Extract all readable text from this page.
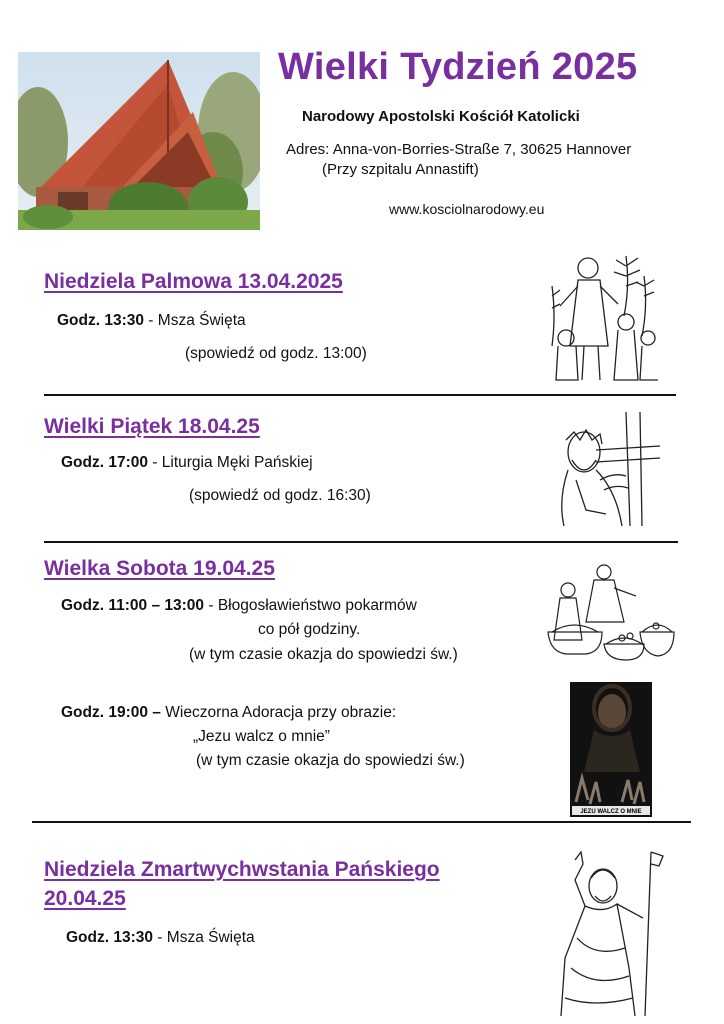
Wielki Tydzień 2025
Narodowy Apostolski Kościół Katolicki
Adres: Anna-von-Borries-Straße 7, 30625 Hannover
(Przy szpitalu Annastift)
www.kosciolnarodowy.eu
Niedziela Palmowa 13.04.2025
Godz. 13:30 - Msza Święta
(spowiedź od godz. 13:00)
Wielki Piątek 18.04.25
Godz. 17:00 - Liturgia Męki Pańskiej
(spowiedź od godz. 16:30)
Wielka Sobota 19.04.25
Godz. 11:00 – 13:00 - Błogosławieństwo pokarmów
co pół godziny.
(w tym czasie okazja do spowiedzi św.)
Godz. 19:00 – Wieczorna Adoracja przy obrazie:
„Jezu walcz o mnie”
(w tym czasie okazja do spowiedzi św.)
JEZU WALCZ O MNIE
Niedziela Zmartwychwstania Pańskiego
20.04.25
Godz. 13:30 - Msza Święta
